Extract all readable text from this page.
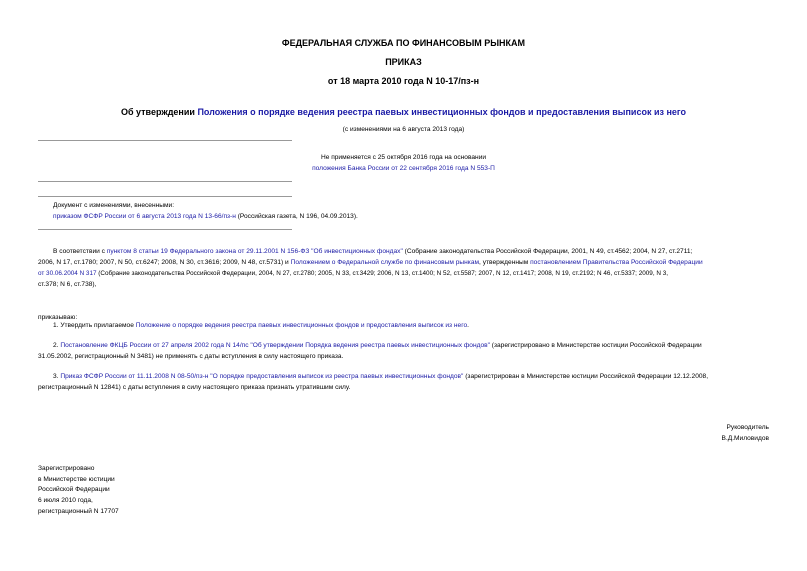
ФЕДЕРАЛЬНАЯ СЛУЖБА ПО ФИНАНСОВЫМ РЫНКАМ
ПРИКАЗ
от 18 марта 2010 года N 10-17/пз-н
Об утверждении Положения о порядке ведения реестра паевых инвестиционных фондов и предоставления выписок из него
(с изменениями на 6 августа 2013 года)
Не применяется с 25 октября 2016 года на основании
положения Банка России от 22 сентября 2016 года N 553-П
Документ с изменениями, внесенными:
приказом ФСФР России от 6 августа 2013 года N 13-66/пз-н (Российская газета, N 196, 04.09.2013).
В соответствии с пунктом 8 статьи 19 Федерального закона от 29.11.2001 N 156-ФЗ "Об инвестиционных фондах" (Собрание законодательства Российской Федерации, 2001, N 49, ст.4562; 2004, N 27, ст.2711;
2006, N 17, ст.1780; 2007, N 50, ст.6247; 2008, N 30, ст.3616; 2009, N 48, ст.5731) и Положением о Федеральной службе по финансовым рынкам, утвержденным постановлением Правительства Российской Федерации
от 30.06.2004 N 317 (Собрание законодательства Российской Федерации, 2004, N 27, ст.2780; 2005, N 33, ст.3429; 2006, N 13, ст.1400; N 52, ст.5587; 2007, N 12, ст.1417; 2008, N 19, ст.2192; N 46, ст.5337; 2009, N 3,
ст.378; N 6, ст.738),
приказываю:
1. Утвердить прилагаемое Положение о порядке ведения реестра паевых инвестиционных фондов и предоставления выписок из него.
2. Постановление ФКЦБ России от 27 апреля 2002 года N 14/пс "Об утверждении Порядка ведения реестра паевых инвестиционных фондов" (зарегистрировано в Министерстве юстиции Российской Федерации
31.05.2002, регистрационный N 3481) не применять с даты вступления в силу настоящего приказа.
3. Приказ ФСФР России от 11.11.2008 N 08-50/пз-н "О порядке предоставления выписок из реестра паевых инвестиционных фондов" (зарегистрирован в Министерстве юстиции Российской Федерации 12.12.2008,
регистрационный N 12841) с даты вступления в силу настоящего приказа признать утратившим силу.
Руководитель
В.Д.Миловидов
Зарегистрировано
в Министерстве юстиции
Российской Федерации
6 июля 2010 года,
регистрационный N 17707
